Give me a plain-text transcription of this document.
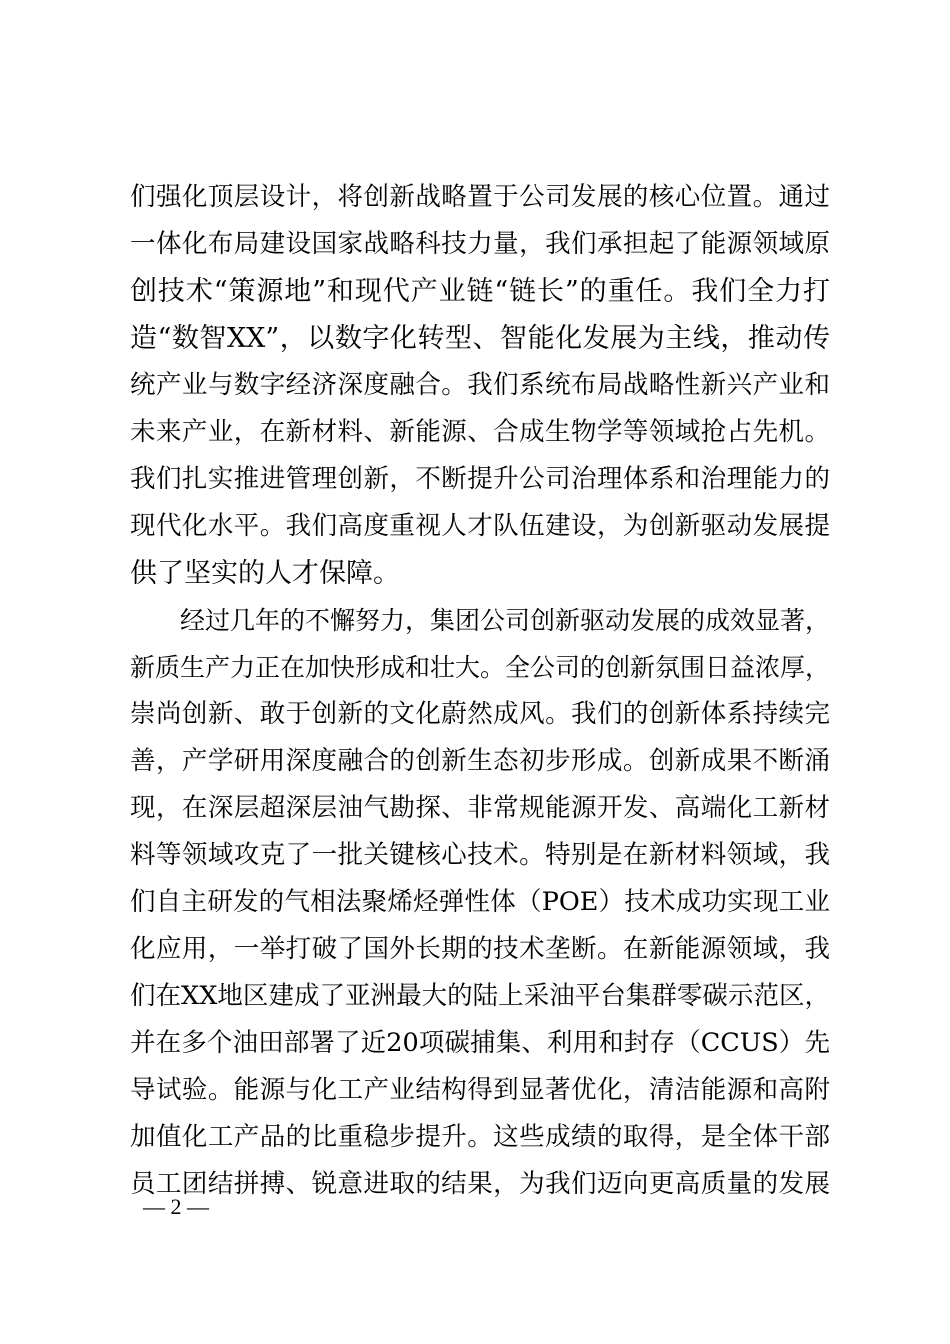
们强化顶层设计，将创新战略置于公司发展的核心位置。通过
一体化布局建设国家战略科技力量，我们承担起了能源领域原
创技术“策源地”和现代产业链“链长”的重任。我们全力打
造“数智XX”，以数字化转型、智能化发展为主线，推动传
统产业与数字经济深度融合。我们系统布局战略性新兴产业和
未来产业，在新材料、新能源、合成生物学等领域抢占先机。
我们扎实推进管理创新，不断提升公司治理体系和治理能力的
现代化水平。我们高度重视人才队伍建设，为创新驱动发展提
供了坚实的人才保障。
　　经过几年的不懈努力，集团公司创新驱动发展的成效显著，
新质生产力正在加快形成和壮大。全公司的创新氛围日益浓厚，
崇尚创新、敢于创新的文化蔚然成风。我们的创新体系持续完
善，产学研用深度融合的创新生态初步形成。创新成果不断涌
现，在深层超深层油气勘探、非常规能源开发、高端化工新材
料等领域攻克了一批关键核心技术。特别是在新材料领域，我
们自主研发的气相法聚烯烃弹性体（POE）技术成功实现工业
化应用，一举打破了国外长期的技术垄断。在新能源领域，我
们在XX地区建成了亚洲最大的陆上采油平台集群零碳示范区，
并在多个油田部署了近20项碳捕集、利用和封存（CCUS）先
导试验。能源与化工产业结构得到显著优化，清洁能源和高附
加值化工产品的比重稳步提升。这些成绩的取得，是全体干部
员工团结拼搏、锐意进取的结果，为我们迈向更高质量的发展
— 2 —
